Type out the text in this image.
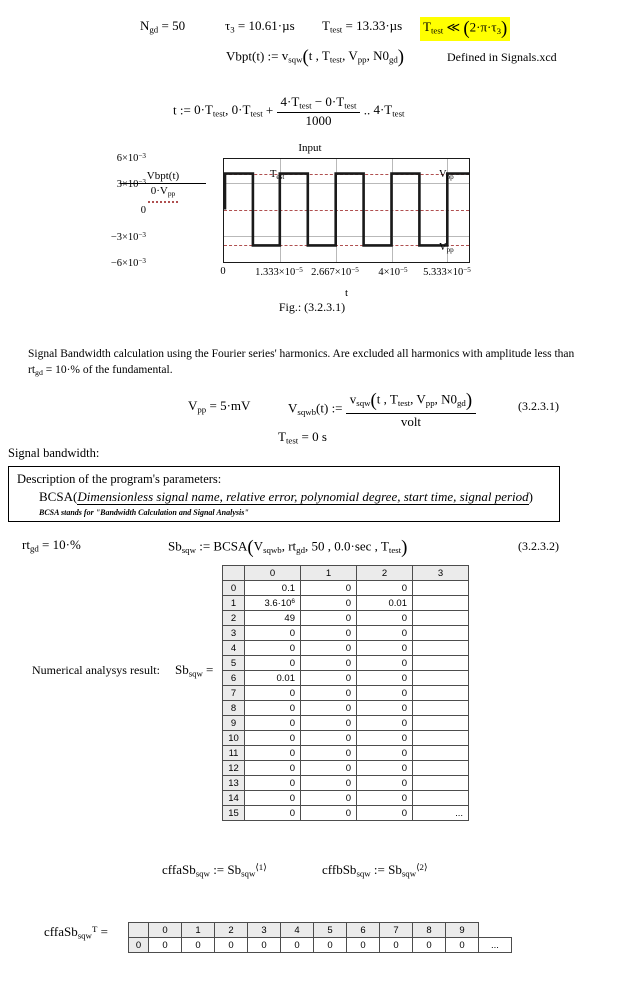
$N_{gd} = 50$	$\tau_3 = 10.61\cdot\mu s$ $T_{test} = 13.33\cdot\mu s$ $T_{test}$ ≪ $(2\cdot\pi\cdot\tau_3)$
Vbpt(t) := $v_{sqw}(t$ , $T_{test}$, $V_{pp}$, $N0_{gd}$)	Defined in Signals.xcd
t := $0\cdot T_{test}$, $0\cdot T_{test} + \frac{4\cdot T_{test} - 0\cdot T_{test}}{1000}$ .. $4\cdot T_{test}$
Input
Vbpt(t)
$0\cdot V_{pp}$
$6\times 10^{-3}$
$3\times 10^{-3}$
0
$-3\times 10^{-3}$
$-6\times 10^{-3}$
$T_{est}$	$V_{pp}$
$V_{pp}$
0	$1.333\times 10^{-5}$ $2.667\times 10^{-5}$	$4\times 10^{-5}$	$5.333\times 10^{-5}$
t
Fig.: (3.2.3.1)
Signal Bandwidth calculation using the Fourier series' harmonics. Are excluded all harmonics with amplitude less than
$rt_{gd} = 10\cdot\%$ of the fundamental.
$V_{pp} = 5\cdot mV$	$V_{sqwb}(t)$ := $\frac{v_{sqw}(t , T_{test}, V_{pp}, N0_{gd})}{\text{volt}}$	(3.2.3.1)
$T_{test} = 0$ s
Signal bandwidth:
Description of the program's parameters:
BCSA(Dimensionless signal name, relative error, polynomial degree, start time, signal period)
BCSA stands for "Bandwidth Calculation and Signal Analysis"
$rt_{gd} = 10\cdot\%$	$Sb_{sqw}$ := $BCSA(V_{sqwb}$, $rt_{gd}$, 50 , 0.0·sec , $T_{test}$)	(3.2.3.2)
Numerical analysys result: $Sb_{sqw}$ =
	0	1	2	3
0	0.1	0	0	
1	$3.6\cdot 10^6$	0	0.01	
2	49	0	0	
3	0	0	0	
4	0	0	0	
5	0	0	0	
6	0.01	0	0	
7	0	0	0	
8	0	0	0	
9	0	0	0	
10	0	0	0	
11	0	0	0	
12	0	0	0	
13	0	0	0	
14	0	0	0	
15	0	0	0	...
cffaSb$_{sqw}$ := $Sb_{sqw}^{⟨1⟩}$	cffbSb$_{sqw}$ := $Sb_{sqw}^{⟨2⟩}$
cffaSb$_{sqw}^T$ =
		0	1	2	3	4	5	6	7	8	9	
0	0	0	0	0	0	0	0	0	0	0	...
